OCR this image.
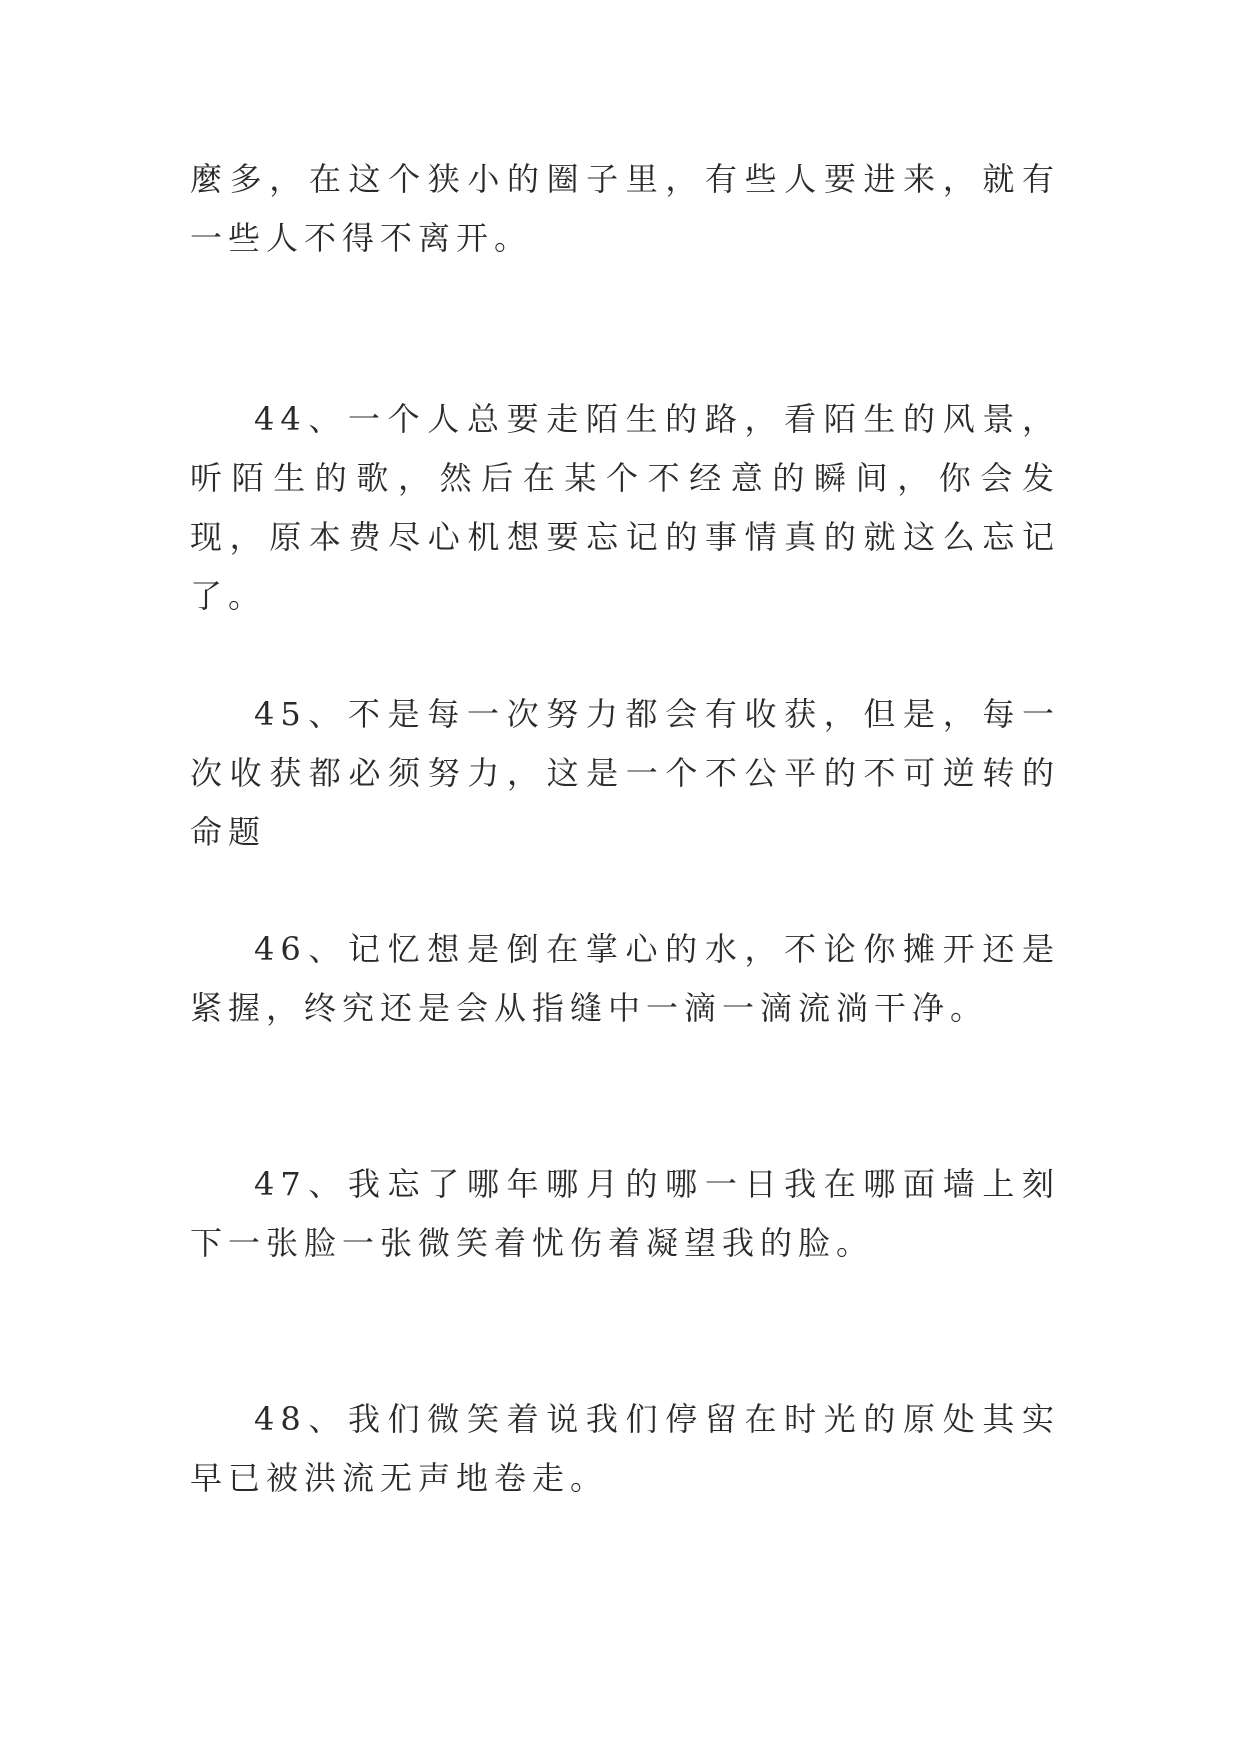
麼多，在这个狭小的圈子里，有些人要进来，就有一些人不得不离开。

44、一个人总要走陌生的路，看陌生的风景，听陌生的歌，然后在某个不经意的瞬间，你会发现，原本费尽心机想要忘记的事情真的就这么忘记了。

45、不是每一次努力都会有收获，但是，每一次收获都必须努力，这是一个不公平的不可逆转的命题

46、记忆想是倒在掌心的水，不论你摊开还是紧握，终究还是会从指缝中一滴一滴流淌干净。

47、我忘了哪年哪月的哪一日我在哪面墙上刻下一张脸一张微笑着忧伤着凝望我的脸。

48、我们微笑着说我们停留在时光的原处其实早已被洪流无声地卷走。
